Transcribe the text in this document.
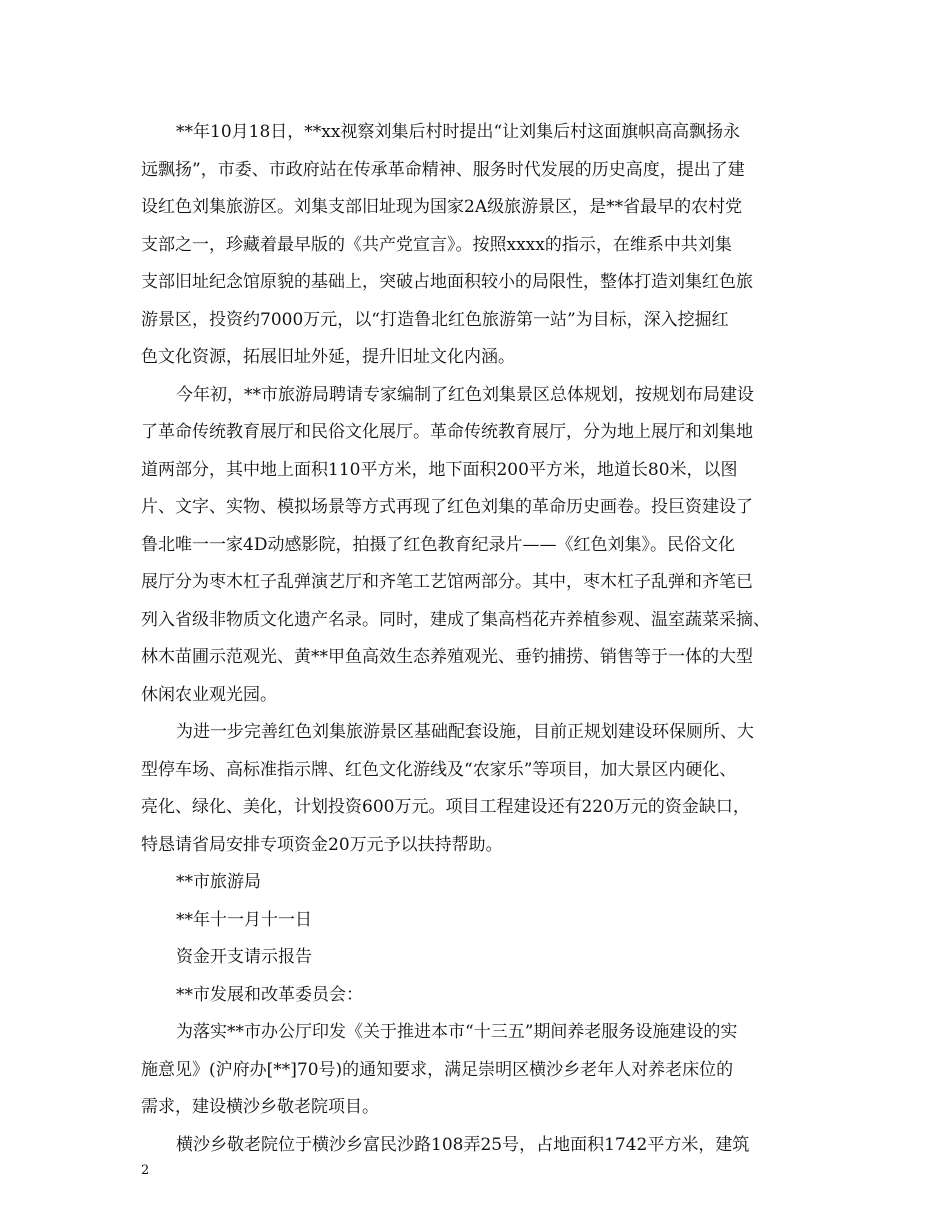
**年10月18日，**xx视察刘集后村时提出“让刘集后村这面旗帜高高飘扬永
远飘扬”，市委、市政府站在传承革命精神、服务时代发展的历史高度，提出了建
设红色刘集旅游区。刘集支部旧址现为国家2A级旅游景区，是**省最早的农村党
支部之一，珍藏着最早版的《共产党宣言》。按照xxxx的指示，在维系中共刘集
支部旧址纪念馆原貌的基础上，突破占地面积较小的局限性，整体打造刘集红色旅
游景区，投资约7000万元，以“打造鲁北红色旅游第一站”为目标，深入挖掘红
色文化资源，拓展旧址外延，提升旧址文化内涵。
今年初，**市旅游局聘请专家编制了红色刘集景区总体规划，按规划布局建设
了革命传统教育展厅和民俗文化展厅。革命传统教育展厅，分为地上展厅和刘集地
道两部分，其中地上面积110平方米，地下面积200平方米，地道长80米，以图
片、文字、实物、模拟场景等方式再现了红色刘集的革命历史画卷。投巨资建设了
鲁北唯一一家4D动感影院，拍摄了红色教育纪录片——《红色刘集》。民俗文化
展厅分为枣木杠子乱弹演艺厅和齐笔工艺馆两部分。其中，枣木杠子乱弹和齐笔已
列入省级非物质文化遗产名录。同时，建成了集高档花卉养植参观、温室蔬菜采摘、
林木苗圃示范观光、黄**甲鱼高效生态养殖观光、垂钓捕捞、销售等于一体的大型
休闲农业观光园。
为进一步完善红色刘集旅游景区基础配套设施，目前正规划建设环保厕所、大
型停车场、高标准指示牌、红色文化游线及“农家乐”等项目，加大景区内硬化、
亮化、绿化、美化，计划投资600万元。项目工程建设还有220万元的资金缺口，
特恳请省局安排专项资金20万元予以扶持帮助。
**市旅游局
**年十一月十一日
资金开支请示报告
**市发展和改革委员会：
为落实**市办公厅印发《关于推进本市“十三五”期间养老服务设施建设的实
施意见》(沪府办[**]70号)的通知要求，满足崇明区横沙乡老年人对养老床位的
需求，建设横沙乡敬老院项目。
横沙乡敬老院位于横沙乡富民沙路108弄25号，占地面积1742平方米，建筑
2
